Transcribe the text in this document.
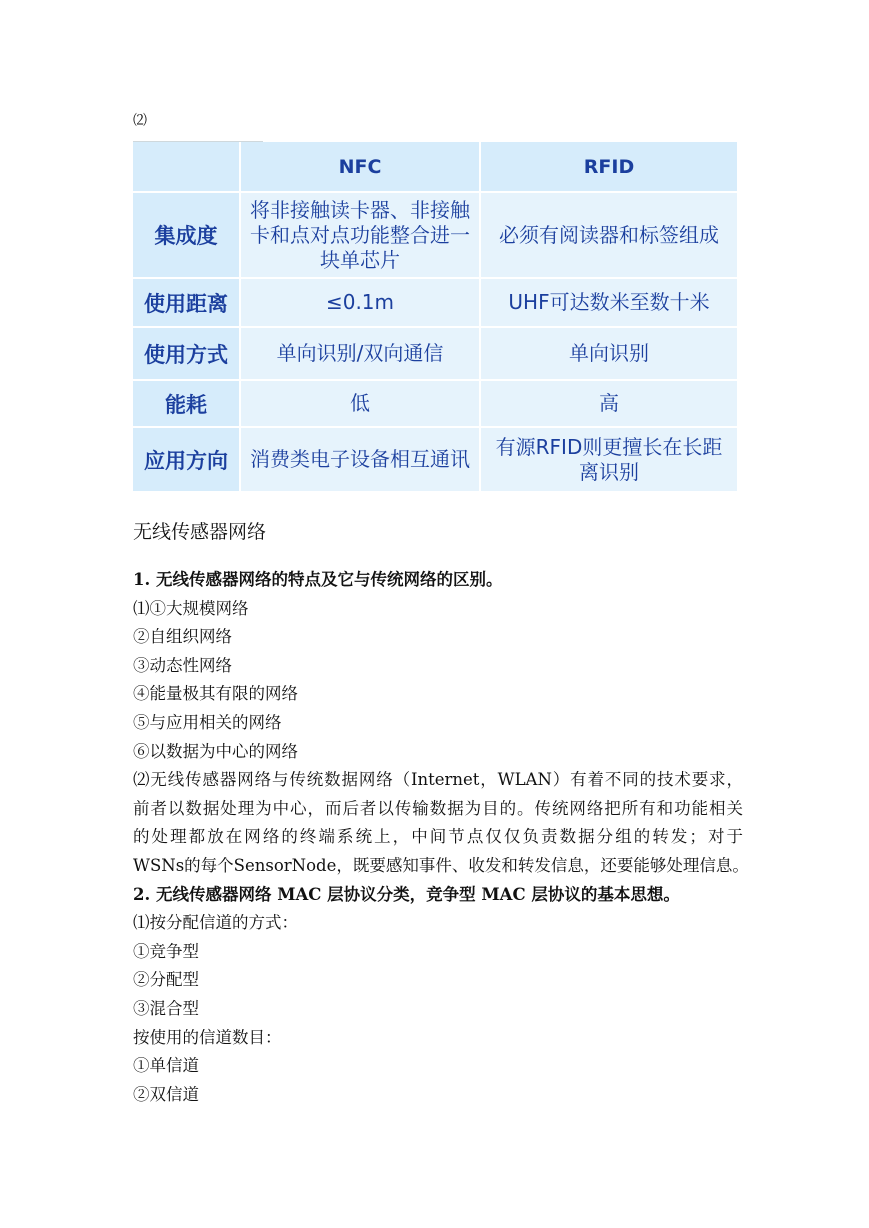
⑵
	NFC	RFID
集成度	将非接触读卡器、非接触卡和点对点功能整合进一块单芯片	必须有阅读器和标签组成
使用距离	≤0.1m	UHF可达数米至数十米
使用方式	单向识别/双向通信	单向识别
能耗	低	高
应用方向	消费类电子设备相互通讯	有源RFID则更擅长在长距离识别
无线传感器网络
1. 无线传感器网络的特点及它与传统网络的区别。
⑴①大规模网络
②自组织网络
③动态性网络
④能量极其有限的网络
⑤与应用相关的网络
⑥以数据为中心的网络
⑵无线传感器网络与传统数据网络（Internet，WLAN）有着不同的技术要求，
前者以数据处理为中心，而后者以传输数据为目的。传统网络把所有和功能相关
的处理都放在网络的终端系统上，中间节点仅仅负责数据分组的转发；对于
WSNs的每个SensorNode，既要感知事件、收发和转发信息，还要能够处理信息。
2. 无线传感器网络 MAC 层协议分类，竞争型 MAC 层协议的基本思想。
⑴按分配信道的方式：
①竞争型
②分配型
③混合型
按使用的信道数目：
①单信道
②双信道
